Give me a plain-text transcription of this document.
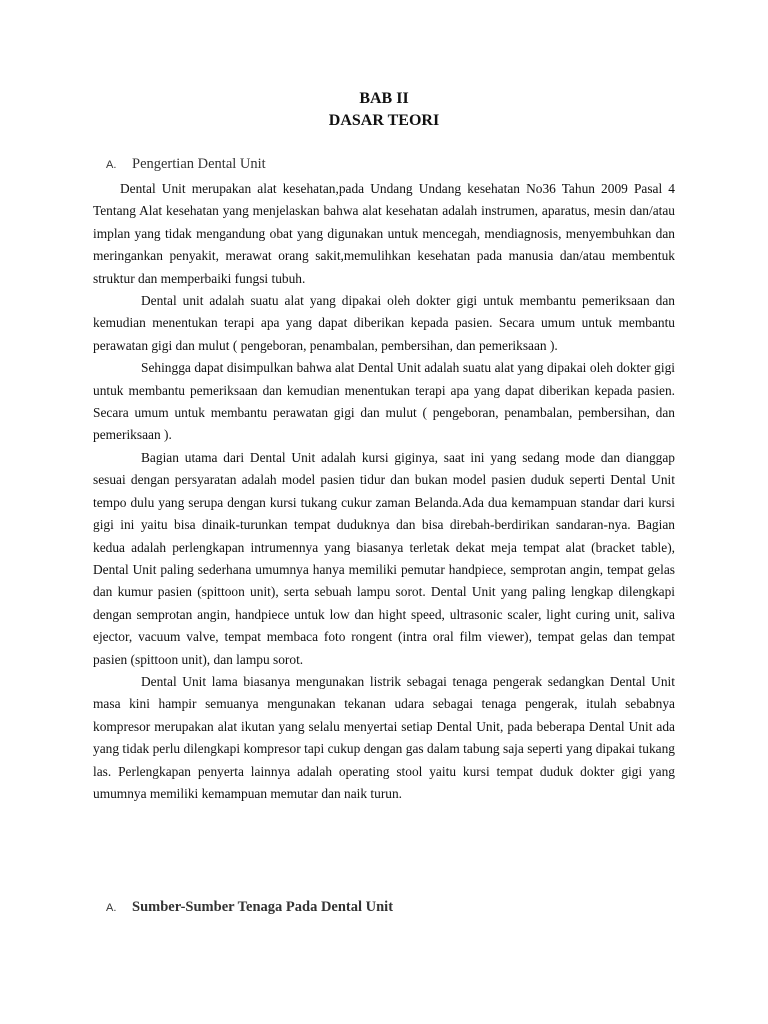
BAB II
DASAR TEORI
A. Pengertian Dental Unit

Dental Unit merupakan alat kesehatan,pada Undang Undang kesehatan No36 Tahun 2009 Pasal 4 Tentang Alat kesehatan yang menjelaskan bahwa alat kesehatan adalah instrumen, aparatus, mesin dan/atau implan yang tidak mengandung obat yang digunakan untuk mencegah, mendiagnosis, menyembuhkan dan meringankan penyakit, merawat orang sakit,memulihkan kesehatan pada manusia dan/atau membentuk struktur dan memperbaiki fungsi tubuh.

Dental unit adalah suatu alat yang dipakai oleh dokter gigi untuk membantu pemeriksaan dan kemudian menentukan terapi apa yang dapat diberikan kepada pasien. Secara umum untuk membantu perawatan gigi dan mulut ( pengeboran, penambalan, pembersihan, dan pemeriksaan ).

Sehingga dapat disimpulkan bahwa alat Dental Unit adalah suatu alat yang dipakai oleh dokter gigi untuk membantu pemeriksaan dan kemudian menentukan terapi apa yang dapat diberikan kepada pasien. Secara umum untuk membantu perawatan gigi dan mulut ( pengeboran, penambalan, pembersihan, dan pemeriksaan ).

Bagian utama dari Dental Unit adalah kursi giginya, saat ini yang sedang mode dan dianggap sesuai dengan persyaratan adalah model pasien tidur dan bukan model pasien duduk seperti Dental Unit tempo dulu yang serupa dengan kursi tukang cukur zaman Belanda.Ada dua kemampuan standar dari kursi gigi ini yaitu bisa dinaik-turunkan tempat duduknya dan bisa direbah-berdirikan sandaran-nya. Bagian kedua adalah perlengkapan intrumennya yang biasanya terletak dekat meja tempat alat (bracket table), Dental Unit paling sederhana umumnya hanya memiliki pemutar handpiece, semprotan angin, tempat gelas dan kumur pasien (spittoon unit), serta sebuah lampu sorot. Dental Unit yang paling lengkap dilengkapi dengan semprotan angin, handpiece untuk low dan hight speed, ultrasonic scaler, light curing unit, saliva ejector, vacuum valve, tempat membaca foto rongent (intra oral film viewer), tempat gelas dan tempat pasien (spittoon unit), dan lampu sorot.

Dental Unit lama biasanya mengunakan listrik sebagai tenaga pengerak sedangkan Dental Unit masa kini hampir semuanya mengunakan tekanan udara sebagai tenaga pengerak, itulah sebabnya kompresor merupakan alat ikutan yang selalu menyertai setiap Dental Unit, pada beberapa Dental Unit ada yang tidak perlu dilengkapi kompresor tapi cukup dengan gas dalam tabung saja seperti yang dipakai tukang las. Perlengkapan penyerta lainnya adalah operating stool yaitu kursi tempat duduk dokter gigi yang umumnya memiliki kemampuan memutar dan naik turun.

A. Sumber-Sumber Tenaga Pada Dental Unit
